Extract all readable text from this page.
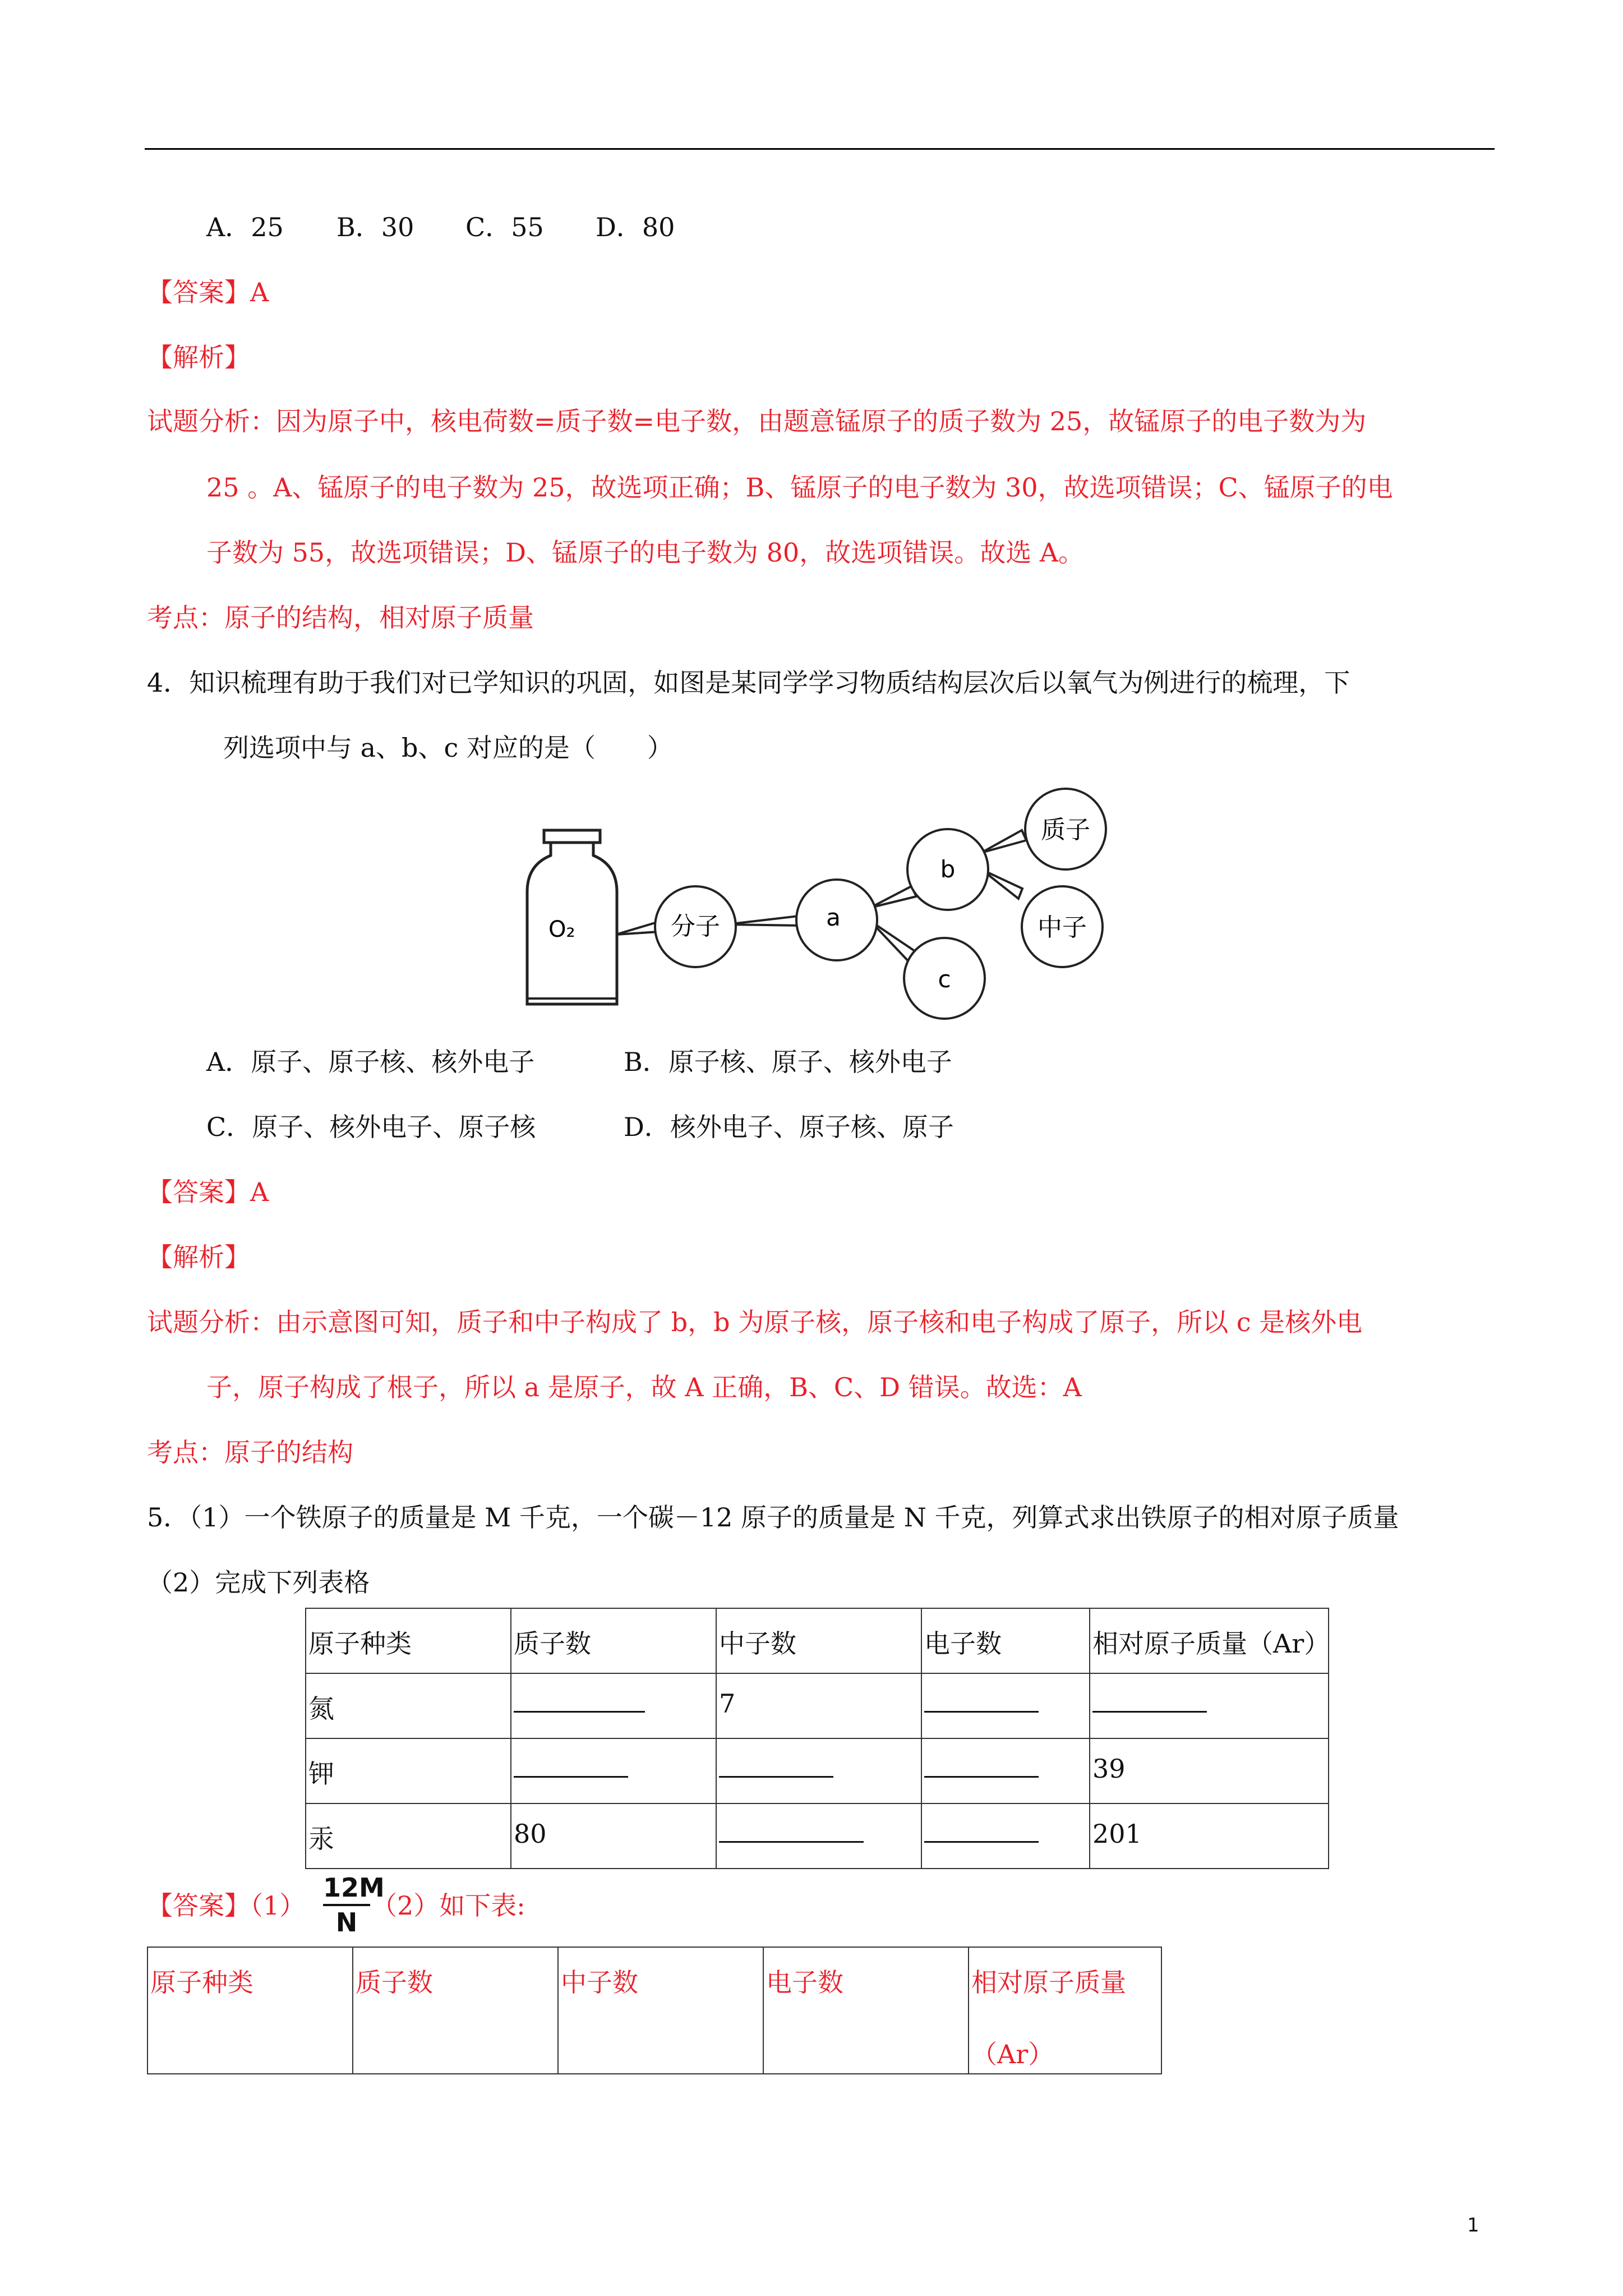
A．25 B．30 C．55 D．80
【答案】A
【解析】
试题分析：因为原子中，核电荷数=质子数=电子数，由题意锰原子的质子数为 25，故锰原子的电子数为为
25 。A、锰原子的电子数为 25，故选项正确；B、锰原子的电子数为 30，故选项错误；C、锰原子的电
子数为 55，故选项错误；D、锰原子的电子数为 80，故选项错误。故选 A。
考点：原子的结构，相对原子质量
4．知识梳理有助于我们对已学知识的巩固，如图是某同学学习物质结构层次后以氧气为例进行的梳理，下
列选项中与 a、b、c 对应的是（　　）
O₂	分子	a
b
c
质子
中子
A．原子、原子核、核外电子	B．原子核、原子、核外电子
C．原子、核外电子、原子核	D．核外电子、原子核、原子
【答案】A
【解析】
试题分析：由示意图可知，质子和中子构成了 b，b 为原子核，原子核和电子构成了原子，所以 c 是核外电
子，原子构成了根子，所以 a 是原子，故 A 正确，B、C、D 错误。故选：A
考点：原子的结构
5．（1）一个铁原子的质量是 M 千克，一个碳－12 原子的质量是 N 千克，列算式求出铁原子的相对原子质量
（2）完成下列表格
原子种类	质子数	中子数	电子数	相对原子质量（Ar）
氮		7		
钾				39
汞	80			201
【答案】（1）
12M
N
（2）如下表:
原子种类	质子数	中子数	电子数	相对原子质量
（Ar）
1
